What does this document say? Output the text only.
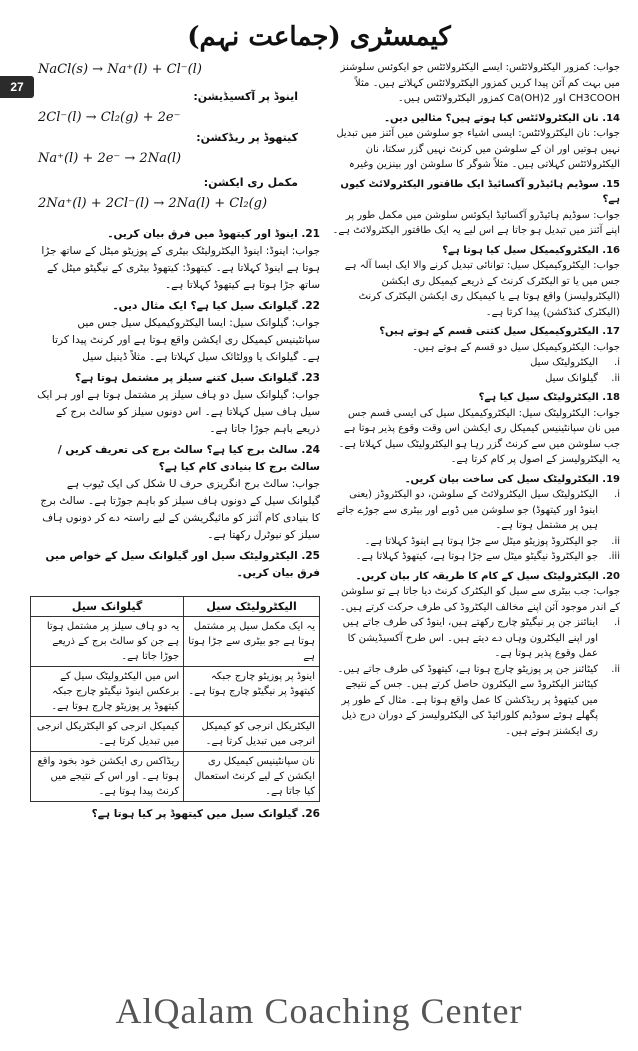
کیمسٹری (جماعت نہم)
27
NaCl(s) → Na⁺(l) + Cl⁻(l)
اینوڈ پر آکسیڈیشن:
2Cl⁻(l) → Cl₂(g) + 2e⁻
کیتھوڈ پر ریڈکشن:
Na⁺(l) + 2e⁻ → 2Na(l)
مکمل ری ایکشن:
2Na⁺(l) + 2Cl⁻(l) → 2Na(l) + Cl₂(g)

21. اینوڈ اور کیتھوڈ میں فرق بیان کریں۔

جواب: اینوڈ: اینوڈ الیکٹرولیٹک بیٹری کے پوزیٹو میٹل کے ساتھ جڑا ہوتا ہے اینوڈ کہلاتا ہے۔ کیتھوڈ: کیتھوڈ بیٹری کے نیگیٹو میٹل کے ساتھ جڑا ہوتا ہے کیتھوڈ کہلاتا ہے۔

22. گیلوانک سیل کیا ہے؟ ایک مثال دیں۔

جواب: گیلوانک سیل: ایسا الیکٹروکیمیکل سیل جس میں سپانٹینیس کیمیکل ری ایکشن واقع ہوتا ہے اور کرنٹ پیدا کرتا ہے۔ گیلوانک یا وولٹائک سیل کہلاتا ہے۔ مثلاً ڈینیل سیل

23. گیلوانک سیل کتنے سیلز پر مشتمل ہوتا ہے؟

جواب: گیلوانک سیل دو ہاف سیلز پر مشتمل ہوتا ہے اور ہر ایک سیل ہاف سیل کہلاتا ہے۔ اس دونوں سیلز کو سالٹ برج کے ذریعے باہم جوڑا جاتا ہے۔

24. سالٹ برج کیا ہے؟ سالٹ برج کی تعریف کریں / سالٹ برج کا بنیادی کام کیا ہے؟

جواب: سالٹ برج انگریزی حرف U شکل کی ایک ٹیوب ہے گیلوانک سیل کے دونوں ہاف سیلز کو باہم جوڑتا ہے۔ سالٹ برج کا بنیادی کام آئنز کو مائیگریشن کے لیے راستہ دے کر دونوں ہاف سیلز کو نیوٹرل رکھتا ہے۔

25. الیکٹرولیٹک سیل اور گیلوانک سیل کے خواص میں فرق بیان کریں۔

الیکٹرولیٹک سیل	گیلوانک سیل
یہ ایک مکمل سیل پر مشتمل ہوتا ہے جو بیٹری سے جڑا ہوتا ہے	یہ دو ہاف سیلز پر مشتمل ہوتا ہے جن کو سالٹ برج کے ذریعے جوڑا جاتا ہے۔
اینوڈ پر پوزیٹو چارج جبکہ کیتھوڈ پر نیگیٹو چارج ہوتا ہے۔	اس میں الیکٹرولیٹک سیل کے برعکس اینوڈ نیگیٹو چارج جبکہ کیتھوڈ پر پوزیٹو چارج ہوتا ہے۔
الیکٹریکل انرجی کو کیمیکل انرجی میں تبدیل کرتا ہے۔	کیمیکل انرجی کو الیکٹریکل انرجی میں تبدیل کرتا ہے۔
نان سپانٹینیس کیمیکل ری ایکشن کے لیے کرنٹ استعمال کیا جاتا ہے۔	ریڈاکس ری ایکشن خود بخود واقع ہوتا ہے۔ اور اس کے نتیجے میں کرنٹ پیدا ہوتا ہے۔

26. گیلوانک سیل میں کیتھوڈ پر کیا ہوتا ہے؟

جواب: کمزور الیکٹرولائٹس: ایسے الیکٹرولائٹس جو ایکوئس سلوشنز میں بہت کم آئن پیدا کریں کمزور الیکٹرولائٹس کہلاتے ہیں۔ مثلاً CH3COOH اور Ca(OH)2 کمزور الیکٹرولائٹس ہیں۔

14. نان الیکٹرولائٹس کیا ہوتے ہیں؟ مثالیں دیں۔

جواب: نان الیکٹرولائٹس: ایسی اشیاء جو سلوشن میں آئنز میں تبدیل نہیں ہوتیں اور ان کے سلوشن میں کرنٹ نہیں گزر سکتا، نان الیکٹرولائٹس کہلاتی ہیں۔ مثلاً شوگر کا سلوشن اور بینزین وغیرہ

15. سوڈیم ہائیڈرو آکسائیڈ ایک طاقتور الیکٹرولائٹ کیوں ہے؟

جواب: سوڈیم ہائیڈرو آکسائیڈ ایکوئس سلوشن میں مکمل طور پر اپنے آئنز میں تبدیل ہو جاتا ہے اس لیے یہ ایک طاقتور الیکٹرولائٹ ہے۔

16. الیکٹروکیمیکل سیل کیا ہوتا ہے؟

جواب: الیکٹروکیمیکل سیل: توانائی تبدیل کرنے والا ایک ایسا آلہ ہے جس میں یا تو الیکٹرک کرنٹ کے ذریعے کیمیکل ری ایکشن (الیکٹرولیسز) واقع ہوتا ہے یا کیمیکل ری ایکشن الیکٹرک کرنٹ (الیکٹرک کنڈکشن) پیدا کرتا ہے۔

17. الیکٹروکیمیکل سیل کتنی قسم کے ہوتے ہیں؟

جواب: الیکٹروکیمیکل سیل دو قسم کے ہوتے ہیں۔

i.
الیکٹرولیٹک سیل

ii.
گیلوانک سیل

18. الیکٹرولیٹک سیل کیا ہے؟

جواب: الیکٹرولیٹک سیل: الیکٹروکیمیکل سیل کی ایسی قسم جس میں نان سپانٹینیس کیمیکل ری ایکشن اس وقت وقوع پذیر ہوتا ہے جب سلوشن میں سے کرنٹ گزر رہا ہو الیکٹرولیٹک سیل کہلاتا ہے۔ یہ الیکٹرولیسز کے اصول پر کام کرتا ہے۔

19. الیکٹرولیٹک سیل کی ساخت بیان کریں۔

i.
الیکٹرولیٹک سیل الیکٹرولائٹ کے سلوشن، دو الیکٹروڈز (یعنی اینوڈ اور کیتھوڈ) جو سلوشن میں ڈوبے اور بیٹری سے جوڑے جاتے ہیں پر مشتمل ہوتا ہے۔

ii.
جو الیکٹروڈ پوزیٹو میٹل سے جڑا ہوتا ہے اینوڈ کہلاتا ہے۔

iii.
جو الیکٹروڈ نیگیٹو میٹل سے جڑا ہوتا ہے، کیتھوڈ کہلاتا ہے۔

20. الیکٹرولیٹک سیل کے کام کا طریقہ کار بیان کریں۔

جواب: جب بیٹری سے سیل کو الیکٹرک کرنٹ دیا جاتا ہے تو سلوشن کے اندر موجود آئن اپنے مخالف الیکٹروڈ کی طرف حرکت کرتے ہیں۔

i.
اینائنز جن پر نیگیٹو چارج رکھتے ہیں، اینوڈ کی طرف جاتے ہیں اور اپنے الیکٹرون وہاں دے دیتے ہیں۔ اس طرح آکسیڈیشن کا عمل وقوع پذیر ہوتا ہے۔

ii.
کیٹائنز جن پر پوزیٹو چارج ہوتا ہے، کیتھوڈ کی طرف جاتے ہیں۔ کیٹائنز الیکٹروڈ سے الیکٹرون حاصل کرتے ہیں۔ جس کے نتیجے میں کیتھوڈ پر ریڈکشن کا عمل واقع ہوتا ہے۔ مثال کے طور پر پگھلے ہوئے سوڈیم کلورائیڈ کی الیکٹرولیسز کے دوران درج ذیل ری ایکشنز ہوتے ہیں۔

AlQalam Coaching Center
